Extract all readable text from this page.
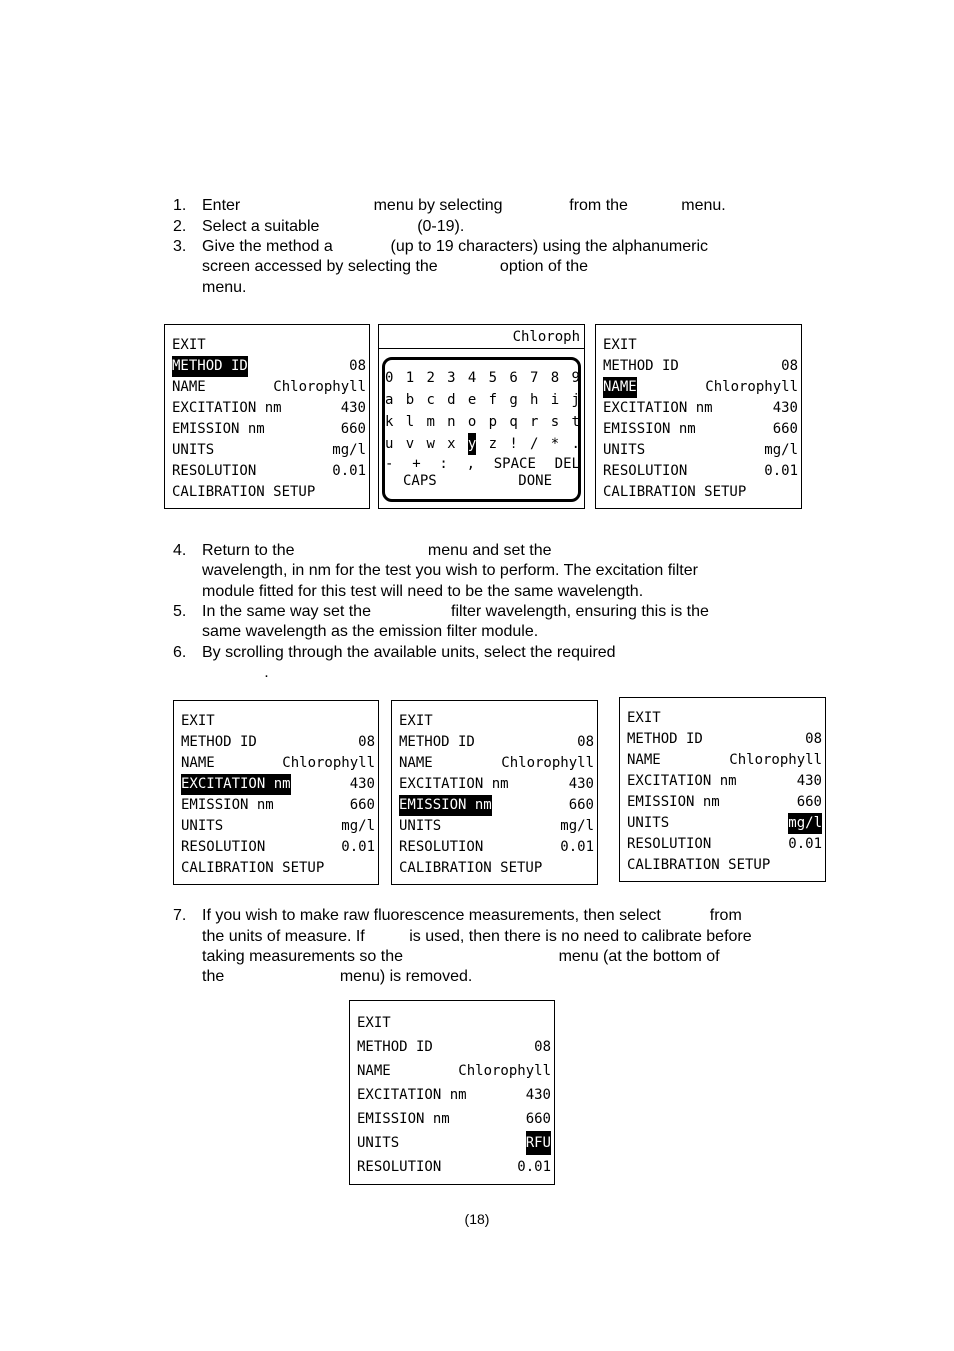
1. Enter                              menu by selecting               from the            menu.
2. Select a suitable                      (0-19).
3. Give the method a             (up to 19 characters) using the alphanumeric
screen accessed by selecting the              option of the
menu.
EXIT
METHOD ID	08
NAME	Chlorophyll
EXCITATION nm	430
EMISSION nm	660
UNITS	mg/l
RESOLUTION	0.01
CALIBRATION SETUP
Chloroph
0 1 2 3 4 5 6 7 8 9
a b c d e f g h i j
k l m n o p q r s t
u v w x y z ! / * .
- + : , SPACE DEL
CAPS	DONE
EXIT
METHOD ID	08
NAME	Chlorophyll
EXCITATION nm	430
EMISSION nm	660
UNITS	mg/l
RESOLUTION	0.01
CALIBRATION SETUP
4. Return to the                              menu and set the
wavelength, in nm for the test you wish to perform. The excitation filter
module fitted for this test will need to be the same wavelength.
5. In the same way set the                  filter wavelength, ensuring this is the
same wavelength as the emission filter module.
6. By scrolling through the available units, select the required
.
EXIT
METHOD ID	08
NAME	Chlorophyll
EXCITATION nm	430
EMISSION nm	660
UNITS	mg/l
RESOLUTION	0.01
CALIBRATION SETUP
EXIT
METHOD ID	08
NAME	Chlorophyll
EXCITATION nm	430
EMISSION nm	660
UNITS	mg/l
RESOLUTION	0.01
CALIBRATION SETUP
EXIT
METHOD ID	08
NAME	Chlorophyll
EXCITATION nm	430
EMISSION nm	660
UNITS	mg/l
RESOLUTION	0.01
CALIBRATION SETUP
7. If you wish to make raw fluorescence measurements, then select           from
the units of measure. If          is used, then there is no need to calibrate before
taking measurements so the                                   menu (at the bottom of
the                          menu) is removed.
EXIT
METHOD ID	08
NAME	Chlorophyll
EXCITATION nm	430
EMISSION nm	660
UNITS	RFU
RESOLUTION	0.01
(18)
